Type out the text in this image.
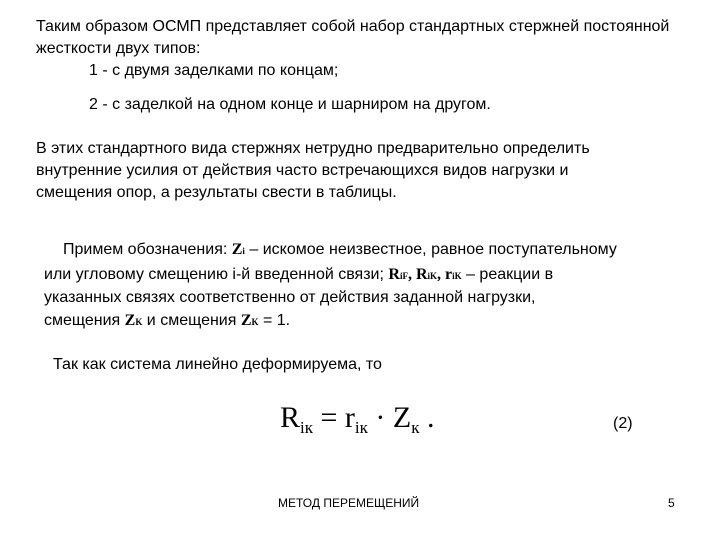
Таким образом ОСМП представляет собой набор стандартных стержней постоянной
жесткости двух типов:
1 - с двумя заделками по концам;
2 - с заделкой на одном конце и шарниром на другом.
В этих стандартного вида стержнях нетрудно предварительно определить
внутренние усилия от действия часто встречающихся видов нагрузки и
смещения опор, а результаты свести в таблицы.
Примем обозначения: Zi – искомое неизвестное, равное поступательному
или угловому смещению i-й введенной связи; RiF, RiK, riK – реакции в
указанных связях соответственно от действия заданной нагрузки,
смещения ZK и смещения ZK = 1.
Так как система линейно деформируема, то
$R_{iк} = r_{iк} \cdot Z_к$ .	(2)
МЕТОД ПЕРЕМЕЩЕНИЙ	5
